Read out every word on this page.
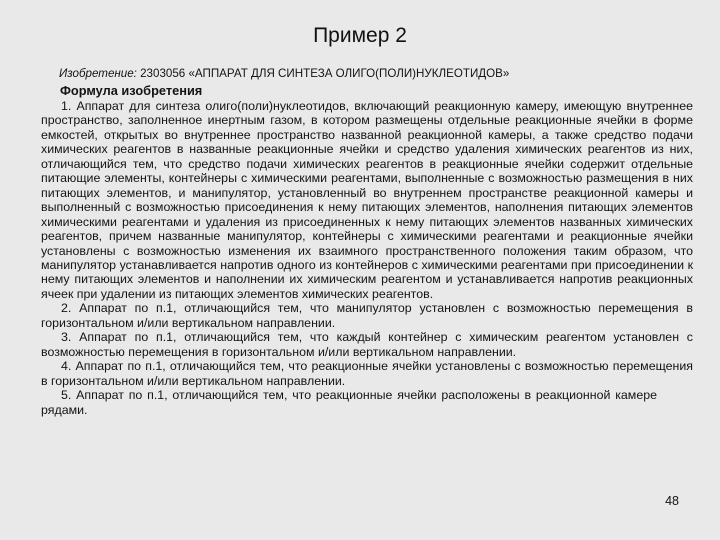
Пример 2
Изобретение: 2303056 «АППАРАТ ДЛЯ СИНТЕЗА ОЛИГО(ПОЛИ)НУКЛЕОТИДОВ»
Формула изобретения

1. Аппарат для синтеза олиго(поли)нуклеотидов, включающий реакционную камеру, имеющую внутреннее пространство, заполненное инертным газом, в котором размещены отдельные реакционные ячейки в форме емкостей, открытых во внутреннее пространство названной реакционной камеры, а также средство подачи химических реагентов в названные реакционные ячейки и средство удаления химических реагентов из них, отличающийся тем, что средство подачи химических реагентов в реакционные ячейки содержит отдельные питающие элементы, контейнеры с химическими реагентами, выполненные с возможностью размещения в них питающих элементов, и манипулятор, установленный во внутреннем пространстве реакционной камеры и выполненный с возможностью присоединения к нему питающих элементов, наполнения питающих элементов химическими реагентами и удаления из присоединенных к нему питающих элементов названных химических реагентов, причем названные манипулятор, контейнеры с химическими реагентами и реакционные ячейки установлены с возможностью изменения их взаимного пространственного положения таким образом, что манипулятор устанавливается напротив одного из контейнеров с химическими реагентами при присоединении к нему питающих элементов и наполнении их химическим реагентом и устанавливается напротив реакционных ячеек при удалении из питающих элементов химических реагентов.

2. Аппарат по п.1, отличающийся тем, что манипулятор установлен с возможностью перемещения в горизонтальном и/или вертикальном направлении.

3. Аппарат по п.1, отличающийся тем, что каждый контейнер с химическим реагентом установлен с возможностью перемещения в горизонтальном и/или вертикальном направлении.

4. Аппарат по п.1, отличающийся тем, что реакционные ячейки установлены с возможностью перемещения в горизонтальном и/или вертикальном направлении.

5. Аппарат по п.1, отличающийся тем, что реакционные ячейки расположены в реакционной камере рядами.

48
